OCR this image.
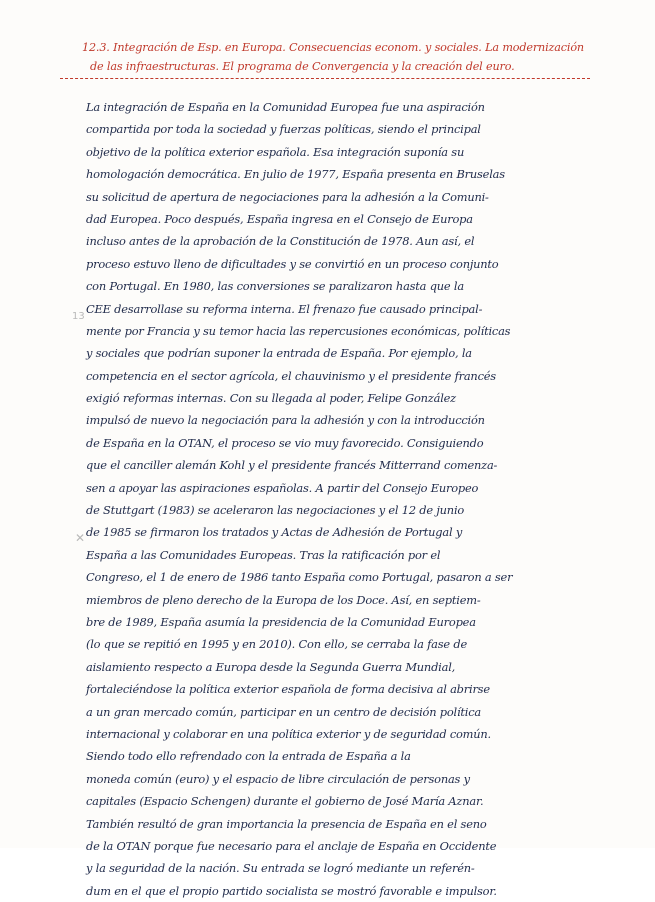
12.3. Integración de Esp. en Europa. Consecuencias econom. y sociales. La modernización
de las infraestructuras. El programa de Convergencia y la creación del euro.
13
✕
La integración de España en la Comunidad Europea fue una aspiración
compartida por toda la sociedad y fuerzas políticas, siendo el principal
objetivo de la política exterior española. Esa integración suponía su
homologación democrática. En julio de 1977, España presenta en Bruselas
su solicitud de apertura de negociaciones para la adhesión a la Comuni-
dad Europea. Poco después, España ingresa en el Consejo de Europa
incluso antes de la aprobación de la Constitución de 1978. Aun así, el
proceso estuvo lleno de dificultades y se convirtió en un proceso conjunto
con Portugal. En 1980, las conversiones se paralizaron hasta que la
CEE desarrollase su reforma interna. El frenazo fue causado principal-
mente por Francia y su temor hacia las repercusiones económicas, políticas
y sociales que podrían suponer la entrada de España. Por ejemplo, la
competencia en el sector agrícola, el chauvinismo y el presidente francés
exigió reformas internas. Con su llegada al poder, Felipe González
impulsó de nuevo la negociación para la adhesión y con la introducción
de España en la OTAN, el proceso se vio muy favorecido. Consiguiendo
que el canciller alemán Kohl y el presidente francés Mitterrand comenza-
sen a apoyar las aspiraciones españolas. A partir del Consejo Europeo
de Stuttgart (1983) se aceleraron las negociaciones y el 12 de junio
de 1985 se firmaron los tratados y Actas de Adhesión de Portugal y
España a las Comunidades Europeas. Tras la ratificación por el
Congreso, el 1 de enero de 1986 tanto España como Portugal, pasaron a ser
miembros de pleno derecho de la Europa de los Doce. Así, en septiem-
bre de 1989, España asumía la presidencia de la Comunidad Europea
(lo que se repitió en 1995 y en 2010). Con ello, se cerraba la fase de
aislamiento respecto a Europa desde la Segunda Guerra Mundial,
fortaleciéndose la política exterior española de forma decisiva al abrirse
a un gran mercado común, participar en un centro de decisión política
internacional y colaborar en una política exterior y de seguridad común.
Siendo todo ello refrendado con la entrada de España a la
moneda común (euro) y el espacio de libre circulación de personas y
capitales (Espacio Schengen) durante el gobierno de José María Aznar.
También resultó de gran importancia la presencia de España en el seno
de la OTAN porque fue necesario para el anclaje de España en Occidente
y la seguridad de la nación. Su entrada se logró mediante un referén-
dum en el que el propio partido socialista se mostró favorable e impulsor.
